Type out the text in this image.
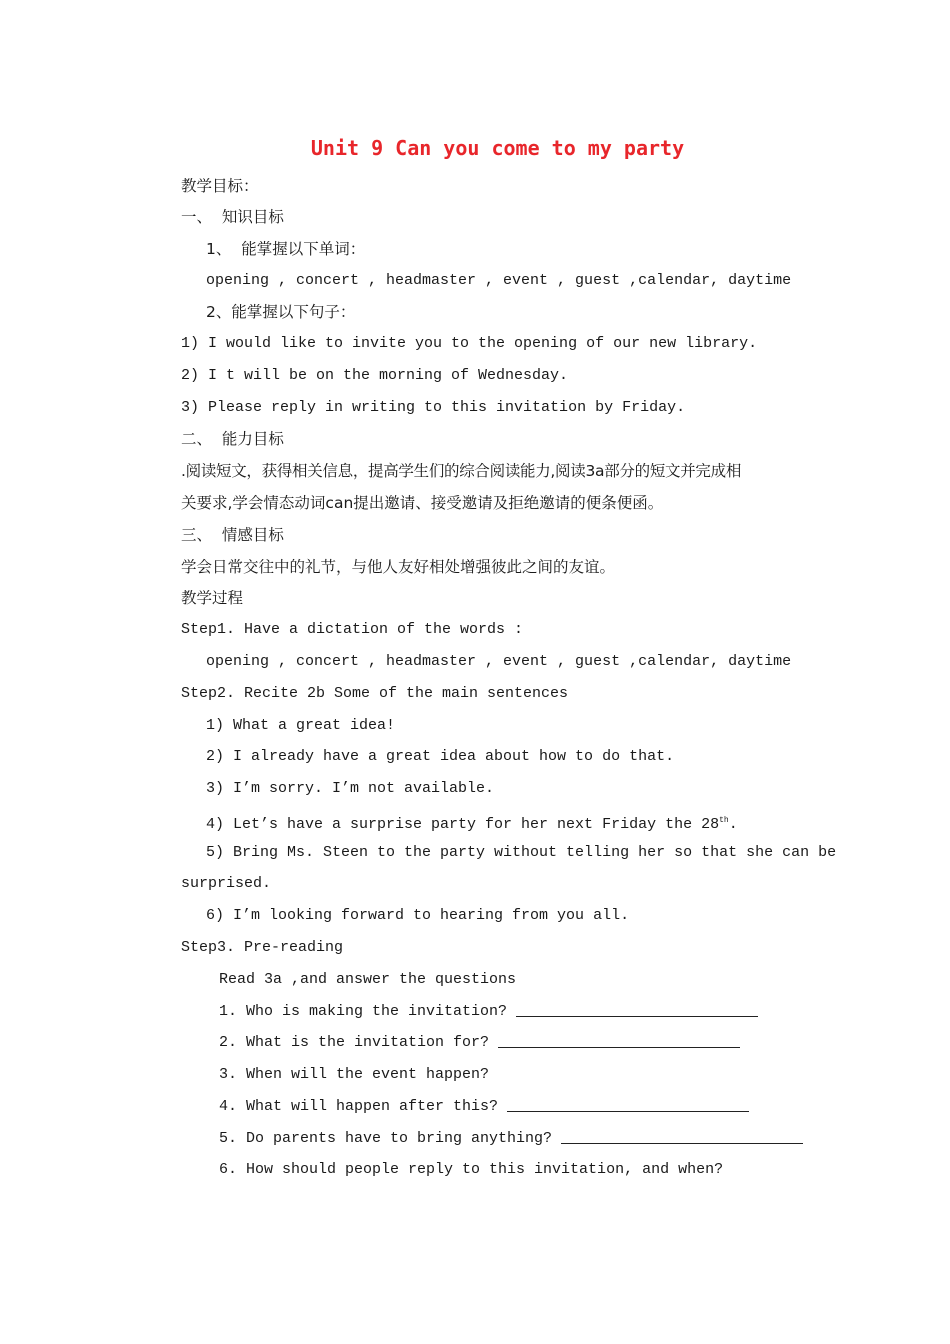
Unit 9 Can you come to my party
教学目标：
一、  知识目标
1、  能掌握以下单词：
opening , concert , headmaster , event , guest ,calendar, daytime
2、能掌握以下句子：
1) I would like to invite you to the opening of our new library.
2) I t will be on the morning of Wednesday.
3) Please reply in writing to this invitation by Friday.
二、  能力目标
.阅读短文，获得相关信息，提高学生们的综合阅读能力,阅读3a部分的短文并完成相
关要求,学会情态动词can提出邀请、接受邀请及拒绝邀请的便条便函。
三、  情感目标
学会日常交往中的礼节，与他人友好相处增强彼此之间的友谊。
教学过程
Step1. Have a dictation of the words :
opening , concert , headmaster , event , guest ,calendar, daytime
Step2. Recite 2b Some of the main sentences
1) What a great idea!
2) I already have a great idea about how to do that.
3) I’m sorry. I’m not available.
4) Let’s have a surprise party for her next Friday the 28th.
5) Bring Ms. Steen to the party without telling her so that she can be
surprised.
6) I’m looking forward to hearing from you all.
Step3. Pre-reading
Read 3a ,and answer the questions
1. Who is making the invitation?
2. What is the invitation for?
3. When will the event happen?
4. What will happen after this?
5. Do parents have to bring anything?
6. How should people reply to this invitation, and when?
